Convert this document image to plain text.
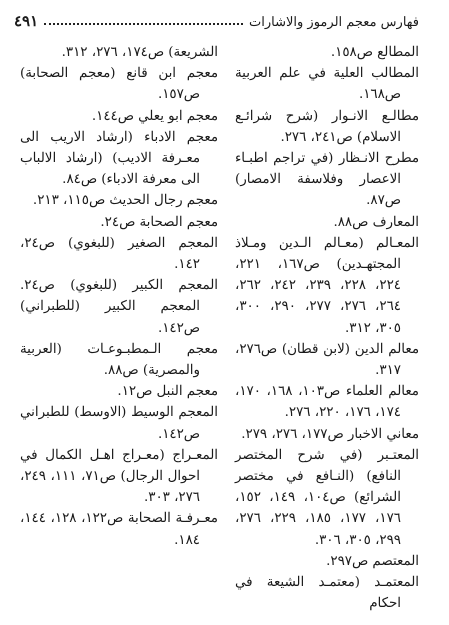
فهارس معجم الرموز والاشارات
٤٩١

المطالع ص١٥٨.

المطالب العلية في علم العربية ص١٦٨.

مطالـع الانـوار (شرح شرائـع الاسلام) ص٢٤١، ٢٧٦.

مطرح الانـظار (في تراجم اطبـاء الاعصار وفلاسفة الامصار) ص٨٧.

المعارف ص٨٨.

المعـالم (معـالم الـدين ومـلاذ المجتهـدين) ص١٦٧، ٢٢١، ٢٢٤، ٢٢٨، ٢٣٩، ٢٤٢، ٢٦٢، ٢٦٤، ٢٧٦، ٢٧٧، ٢٩٠، ٣٠٠، ٣٠٥، ٣١٢.

معالم الدين (لابن قطان) ص٢٧٦، ٣١٧.

معالم العلماء ص١٠٣، ١٦٨، ١٧٠، ١٧٤، ١٧٦، ٢٢٠، ٢٧٦.

معاني الاخبار ص١٧٧، ٢٧٦، ٢٧٩.

المعتـبر (في شرح المختصر النافع) (النـافع في مختصر الشرائع) ص١٠٤، ١٤٩، ١٥٢، ١٧٦، ١٧٧، ١٨٥، ٢٢٩، ٢٧٦، ٢٩٩، ٣٠٥، ٣٠٦.

المعتصم ص٢٩٧.

المعتمـد (معتمـد الشيعة في احكام

الشريعة) ص١٧٤، ٢٧٦، ٣١٢.

معجم ابن قانع (معجم الصحابة) ص١٥٧.

معجم ابو يعلي ص١٤٤.

معجم الادباء (ارشاد الاريب الى معـرفة الاديب) (ارشاد الالباب الى معرفة الادباء) ص٨٤.

معجم رجال الحديث ص١١٥، ٢١٣.

معجم الصحابة ص٢٤.

المعجم الصغير (للبغوي) ص٢٤، ١٤٢.

المعجم الكبير (للبغوي) ص٢٤. المعجم الكبير (للطبراني) ص١٤٢.

معجم الـمطبـوعـات (العربية والمصرية) ص٨٨.

معجم النبل ص١٢.

المعجم الوسيط (الاوسط) للطبراني ص١٤٢.

المعـراج (معـراج اهـل الكمال في احوال الرجال) ص٧١، ١١١، ٢٤٩، ٢٧٦، ٣٠٣.

معـرفـة الصحابة ص١٢٢، ١٢٨، ١٤٤، ١٨٤.
